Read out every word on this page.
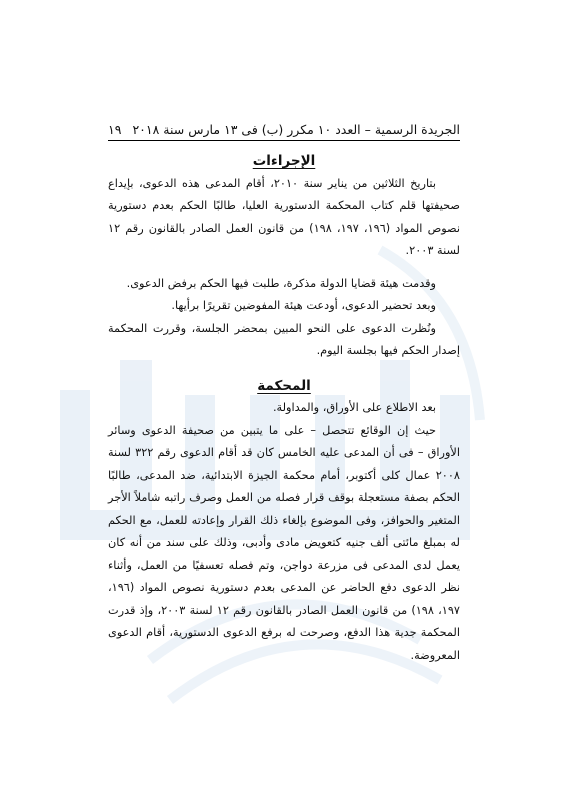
الجريدة الرسمية – العدد ١٠ مكرر (ب) فى ١٣ مارس سنة ٢٠١٨
١٩
الإجراءات

بتاريخ الثلاثين من يناير سنة ٢٠١٠، أقام المدعى هذه الدعوى، بإيداع صحيفتها قلم كتاب المحكمة الدستورية العليا، طالبًا الحكم بعدم دستورية نصوص المواد (١٩٦، ١٩٧، ١٩٨) من قانون العمل الصادر بالقانون رقم ١٢ لسنة ٢٠٠٣.

وقدمت هيئة قضايا الدولة مذكرة، طلبت فيها الحكم برفض الدعوى.

وبعد تحضير الدعوى، أودعت هيئة المفوضين تقريرًا برأيها.

ونُظرت الدعوى على النحو المبين بمحضر الجلسة، وقررت المحكمة إصدار الحكم فيها بجلسة اليوم.

المحكمة

بعد الاطلاع على الأوراق، والمداولة.

حيث إن الوقائع تتحصل – على ما يتبين من صحيفة الدعوى وسائر الأوراق – فى أن المدعى عليه الخامس كان قد أقام الدعوى رقم ٣٢٢ لسنة ٢٠٠٨ عمال كلى أكتوبر، أمام محكمة الجيزة الابتدائية، ضد المدعى، طالبًا الحكم بصفة مستعجلة بوقف قرار فصله من العمل وصرف راتبه شاملاً الأجر المتغير والحوافز، وفى الموضوع بإلغاء ذلك القرار وإعادته للعمل، مع الحكم له بمبلغ مائتى ألف جنيه كتعويض مادى وأدبى، وذلك على سند من أنه كان يعمل لدى المدعى فى مزرعة دواجن، وتم فصله تعسفيًا من العمل، وأثناء نظر الدعوى دفع الحاضر عن المدعى بعدم دستورية نصوص المواد (١٩٦، ١٩٧، ١٩٨) من قانون العمل الصادر بالقانون رقم ١٢ لسنة ٢٠٠٣، وإذ قدرت المحكمة جدية هذا الدفع، وصرحت له برفع الدعوى الدستورية، أقام الدعوى المعروضة.
